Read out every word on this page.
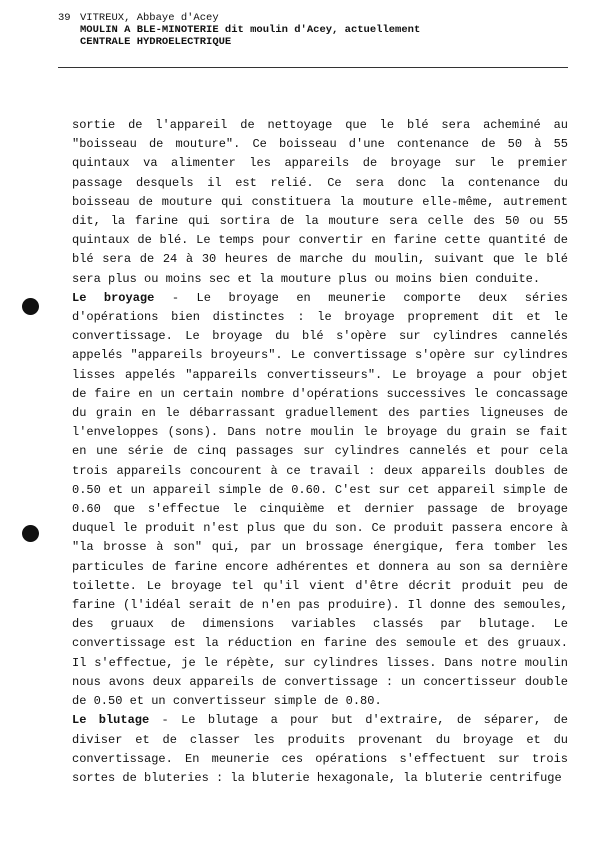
39 VITREUX, Abbaye d'Acey
MOULIN A BLE-MINOTERIE dit moulin d'Acey, actuellement
CENTRALE HYDROELECTRIQUE

sortie de l'appareil de nettoyage que le blé sera acheminé au "boisseau de mouture". Ce boisseau d'une contenance de 50 à 55 quintaux va alimenter les appareils de broyage sur le premier passage desquels il est relié. Ce sera donc la contenance du boisseau de mouture qui constituera la mouture elle-même, autrement dit, la farine qui sortira de la mouture sera celle des 50 ou 55 quintaux de blé. Le temps pour convertir en farine cette quantité de blé sera de 24 à 30 heures de marche du moulin, suivant que le blé sera plus ou moins sec et la mouture plus ou moins bien conduite.

Le broyage - Le broyage en meunerie comporte deux séries d'opérations bien distinctes : le broyage proprement dit et le convertissage. Le broyage du blé s'opère sur cylindres cannelés appelés "appareils broyeurs". Le convertissage s'opère sur cylindres lisses appelés "appareils convertisseurs". Le broyage a pour objet de faire en un certain nombre d'opérations successives le concassage du grain en le débarrassant graduellement des parties ligneuses de l'enveloppes (sons). Dans notre moulin le broyage du grain se fait en une série de cinq passages sur cylindres cannelés et pour cela trois appareils concourent à ce travail : deux appareils doubles de 0.50 et un appareil simple de 0.60. C'est sur cet appareil simple de 0.60 que s'effectue le cinquième et dernier passage de broyage duquel le produit n'est plus que du son. Ce produit passera encore à "la brosse à son" qui, par un brossage énergique, fera tomber les particules de farine encore adhérentes et donnera au son sa dernière toilette. Le broyage tel qu'il vient d'être décrit produit peu de farine (l'idéal serait de n'en pas produire). Il donne des semoules, des gruaux de dimensions variables classés par blutage. Le convertissage est la réduction en farine des semoule et des gruaux. Il s'effectue, je le répète, sur cylindres lisses. Dans notre moulin nous avons deux appareils de convertissage : un concertisseur double de 0.50 et un convertisseur simple de 0.80.

Le blutage - Le blutage a pour but d'extraire, de séparer, de diviser et de classer les produits provenant du broyage et du convertissage. En meunerie ces opérations s'effectuent sur trois sortes de bluteries : la bluterie hexagonale, la bluterie centrifuge
